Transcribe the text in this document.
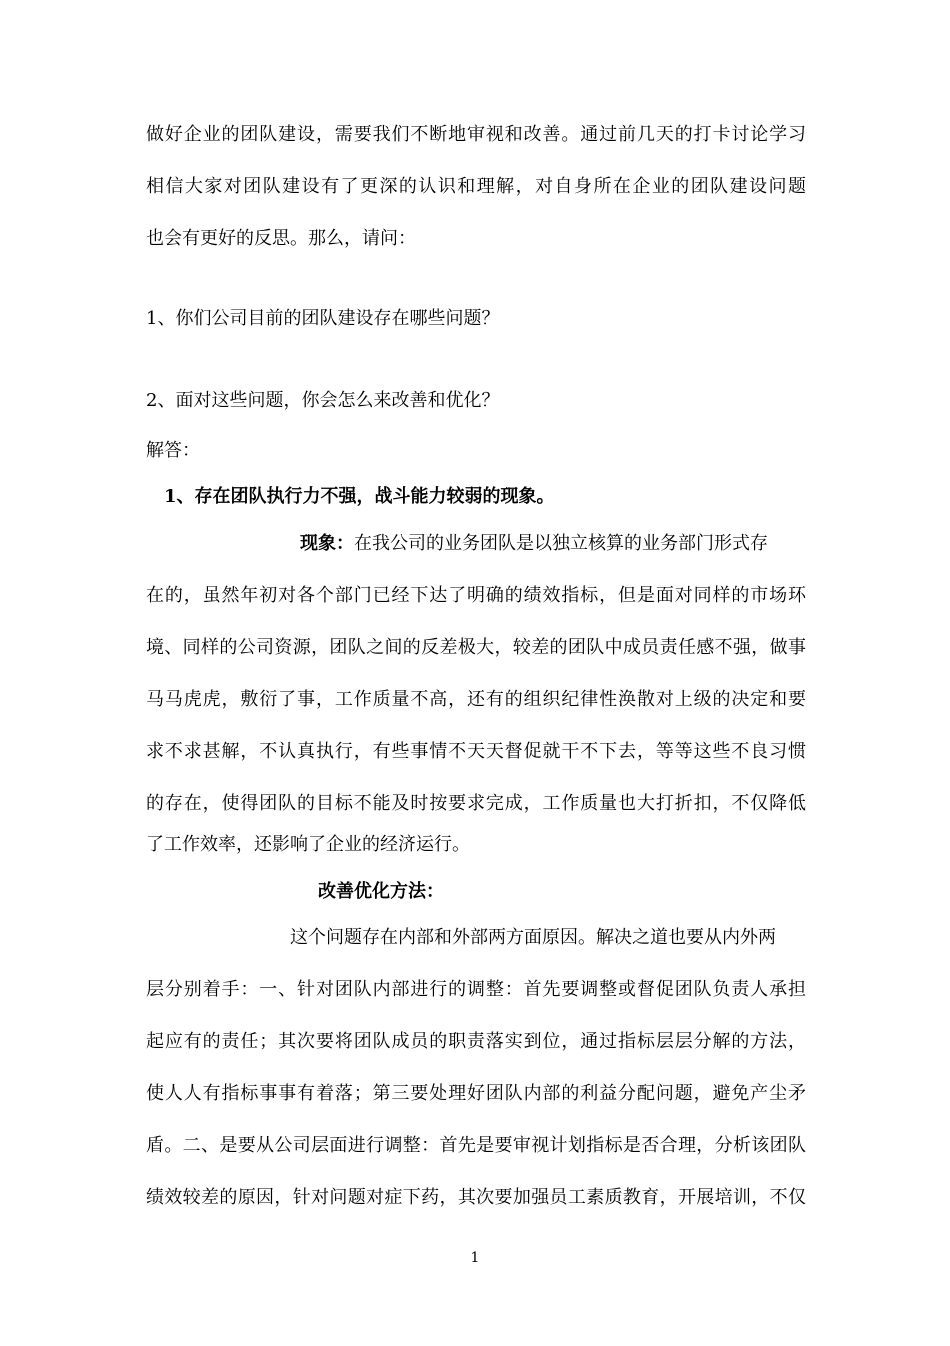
做好企业的团队建设，需要我们不断地审视和改善。通过前几天的打卡讨论学习
相信大家对团队建设有了更深的认识和理解，对自身所在企业的团队建设问题
也会有更好的反思。那么，请问：
1、你们公司目前的团队建设存在哪些问题？
2、面对这些问题，你会怎么来改善和优化？
解答：
1、存在团队执行力不强，战斗能力较弱的现象。
现象：在我公司的业务团队是以独立核算的业务部门形式存
在的，虽然年初对各个部门已经下达了明确的绩效指标，但是面对同样的市场环
境、同样的公司资源，团队之间的反差极大，较差的团队中成员责任感不强，做事
马马虎虎，敷衍了事，工作质量不高，还有的组织纪律性涣散对上级的决定和要
求不求甚解，不认真执行，有些事情不天天督促就干不下去，等等这些不良习惯
的存在，使得团队的目标不能及时按要求完成，工作质量也大打折扣，不仅降低
了工作效率，还影响了企业的经济运行。
改善优化方法：
这个问题存在内部和外部两方面原因。解决之道也要从内外两
层分别着手：一、针对团队内部进行的调整：首先要调整或督促团队负责人承担
起应有的责任；其次要将团队成员的职责落实到位，通过指标层层分解的方法，
使人人有指标事事有着落；第三要处理好团队内部的利益分配问题，避免产尘矛
盾。二、是要从公司层面进行调整：首先是要审视计划指标是否合理，分析该团队
绩效较差的原因，针对问题对症下药，其次要加强员工素质教育，开展培训，不仅
1
